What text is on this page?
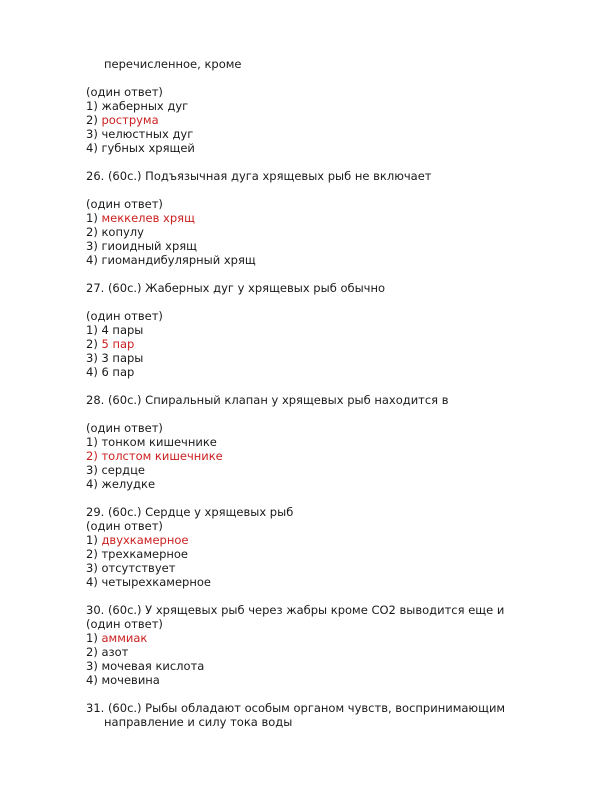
перечисленное, кроме
(один ответ)
1) жаберных дуг
2) рострума
3) челюстных дуг
4) губных хрящей
26. (60с.) Подъязычная дуга хрящевых рыб не включает
(один ответ)
1) меккелев хрящ
2) копулу
3) гиоидный хрящ
4) гиомандибулярный хрящ
27. (60с.) Жаберных дуг у хрящевых рыб обычно
(один ответ)
1) 4 пары
2) 5 пар
3) 3 пары
4) 6 пар
28. (60с.) Спиральный клапан у хрящевых рыб находится в
(один ответ)
1) тонком кишечнике
2) толстом кишечнике
3) сердце
4) желудке
29. (60с.) Сердце у хрящевых рыб
(один ответ)
1) двухкамерное
2) трехкамерное
3) отсутствует
4) четырехкамерное
30. (60с.) У хрящевых рыб через жабры кроме СО2 выводится еще и
(один ответ)
1) аммиак
2) азот
3) мочевая кислота
4) мочевина
31. (60с.) Рыбы обладают особым органом чувств, воспринимающим
направление и силу тока воды
